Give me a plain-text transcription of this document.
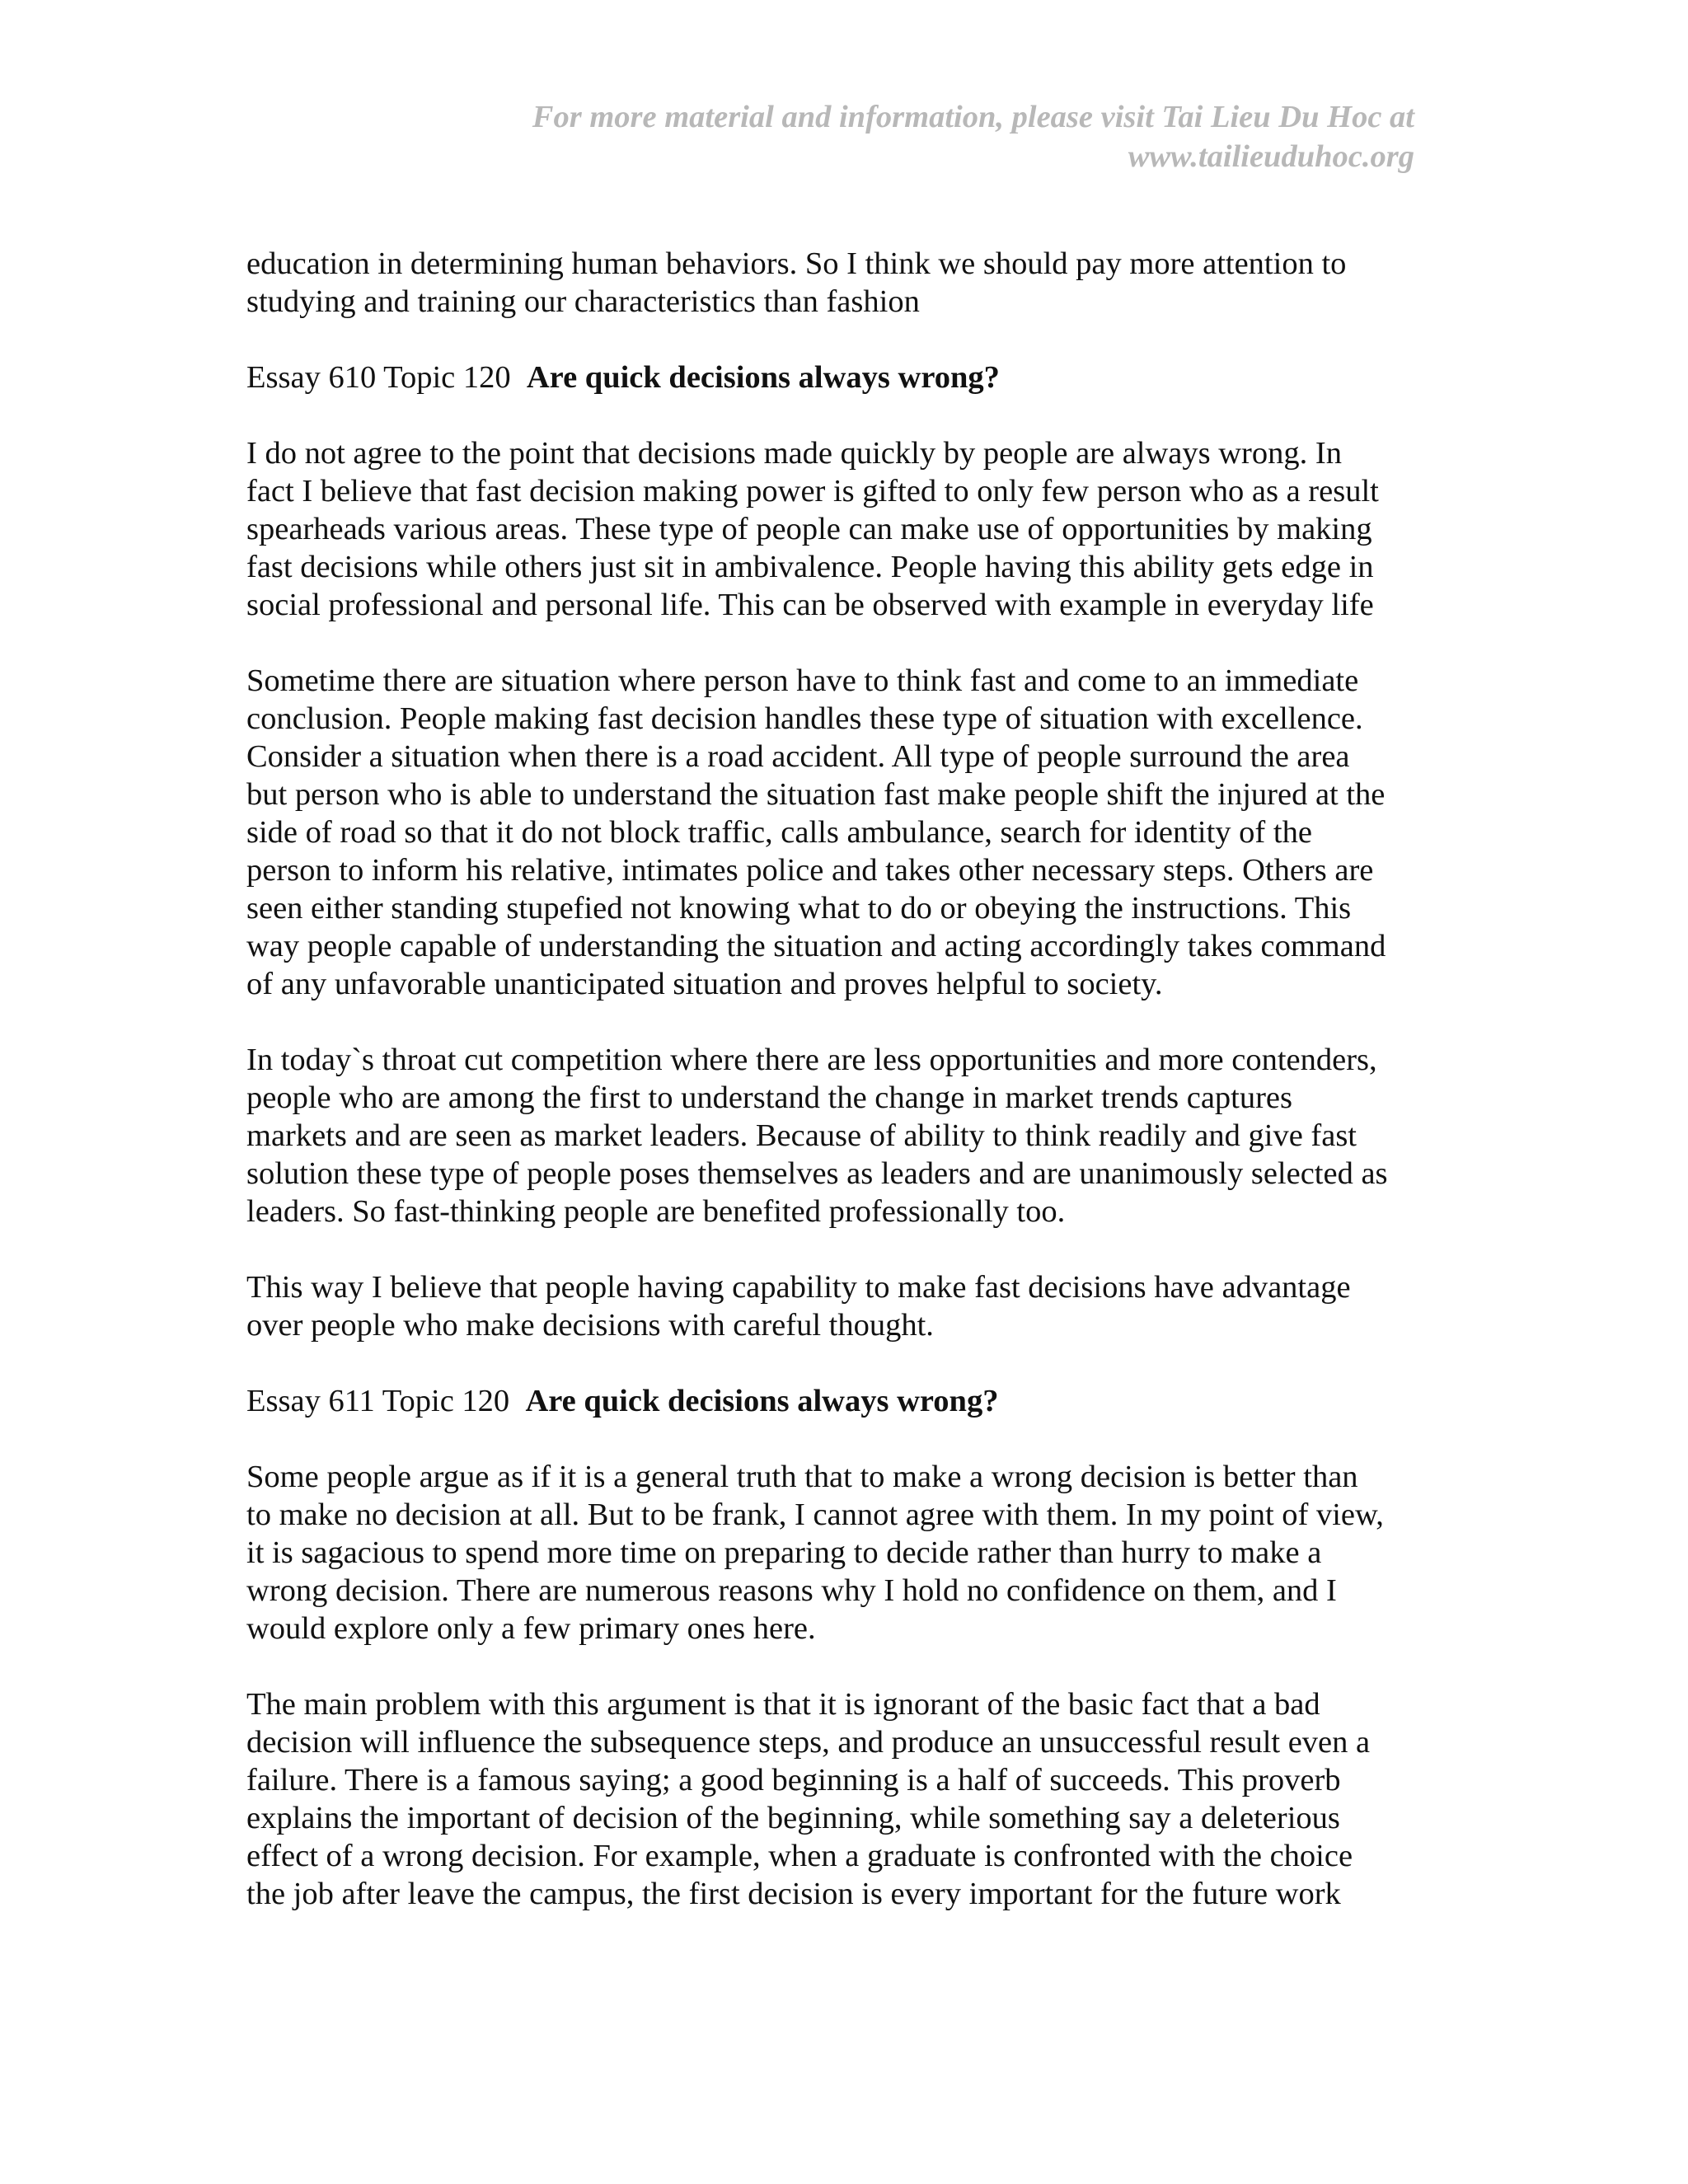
For more material and information, please visit Tai Lieu Du Hoc at
www.tailieuduhoc.org
education in determining human behaviors. So I think we should pay more attention to
studying and training our characteristics than fashion
Essay 610 Topic 120  Are quick decisions always wrong?
I do not agree to the point that decisions made quickly by people are always wrong. In
fact I believe that fast decision making power is gifted to only few person who as a result
spearheads various areas. These type of people can make use of opportunities by making
fast decisions while others just sit in ambivalence. People having this ability gets edge in
social professional and personal life. This can be observed with example in everyday life
Sometime there are situation where person have to think fast and come to an immediate
conclusion. People making fast decision handles these type of situation with excellence.
Consider a situation when there is a road accident. All type of people surround the area
but person who is able to understand the situation fast make people shift the injured at the
side of road so that it do not block traffic, calls ambulance, search for identity of the
person to inform his relative, intimates police and takes other necessary steps. Others are
seen either standing stupefied not knowing what to do or obeying the instructions. This
way people capable of understanding the situation and acting accordingly takes command
of any unfavorable unanticipated situation and proves helpful to society.
In today`s throat cut competition where there are less opportunities and more contenders,
people who are among the first to understand the change in market trends captures
markets and are seen as market leaders. Because of ability to think readily and give fast
solution these type of people poses themselves as leaders and are unanimously selected as
leaders. So fast-thinking people are benefited professionally too.
This way I believe that people having capability to make fast decisions have advantage
over people who make decisions with careful thought.
Essay 611 Topic 120  Are quick decisions always wrong?
Some people argue as if it is a general truth that to make a wrong decision is better than
to make no decision at all. But to be frank, I cannot agree with them. In my point of view,
it is sagacious to spend more time on preparing to decide rather than hurry to make a
wrong decision. There are numerous reasons why I hold no confidence on them, and I
would explore only a few primary ones here.
The main problem with this argument is that it is ignorant of the basic fact that a bad
decision will influence the subsequence steps, and produce an unsuccessful result even a
failure. There is a famous saying; a good beginning is a half of succeeds. This proverb
explains the important of decision of the beginning, while something say a deleterious
effect of a wrong decision. For example, when a graduate is confronted with the choice
the job after leave the campus, the first decision is every important for the future work
